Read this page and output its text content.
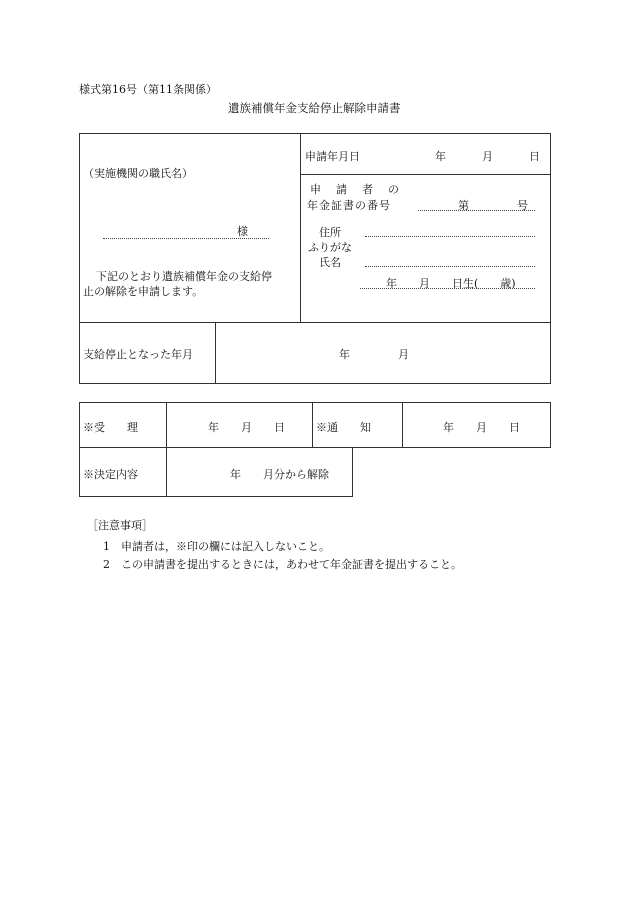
様式第16号（第11条関係）
遺族補償年金支給停止解除申請書
（実施機関の職氏名）
様
下記のとおり遺族補償年金の支給停
止の解除を申請します。
申請年月日	年	月	日
申　請　者　の
年金証書の番号	第	号
住所
ふりがな
氏名
年　　月　　日生(　　歳)
支給停止となった年月	年	月
※受　　理	年　　月　　日	※通　　知	年　　月　　日
※決定内容	年　　月分から解除
［注意事項］
1　申請者は，※印の欄には記入しないこと。
2　この申請書を提出するときには，あわせて年金証書を提出すること。
